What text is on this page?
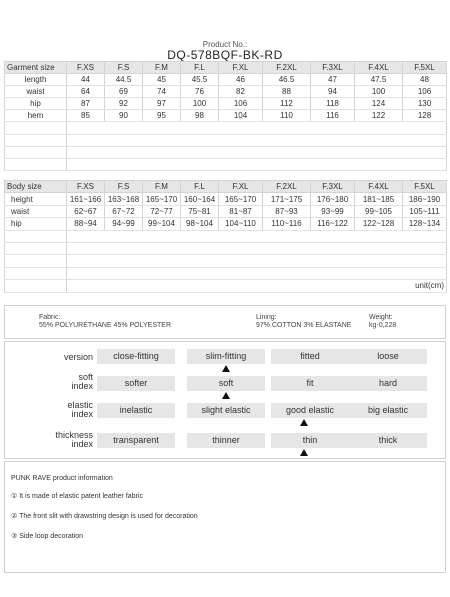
Product No.:
DQ-578BQF-BK-RD
Garment size	F.XS	F.S	F.M	F.L	F.XL	F.2XL	F.3XL	F.4XL	F.5XL
length	44	44.5	45	45.5	46	46.5	47	47.5	48
waist	64	69	74	76	82	88	94	100	106
hip	87	92	97	100	106	112	118	124	130
hem	85	90	95	98	104	110	116	122	128

Body size	F.XS	F.S	F.M	F.L	F.XL	F.2XL	F.3XL	F.4XL	F.5XL
height	161~166	163~168	165~170	160~164	165~170	171~175	176~180	181~185	186~190
waist	62~67	67~72	72~77	75~81	81~87	87~93	93~99	99~105	105~111
hip	88~94	94~99	99~104	98~104	104~110	110~116	116~122	122~128	128~134

	unit(cm)								
Fabric:
55% POLYURETHANE 45% POLYESTER
Lining:
97% COTTON 3% ELASTANE
Weight:
kg-0,228
version	close-fitting	slim-fitting	fitted	loose
soft
index	softer	soft	fit	hard
elastic
index	inelastic	slight elastic	good elastic	big elastic
thickness
index	transparent	thinner	thin	thick
PUNK RAVE product information
① It is made of elastic patent leather fabric
② The front slit with drawstring design is used for decoration
③ Side loop decoration
